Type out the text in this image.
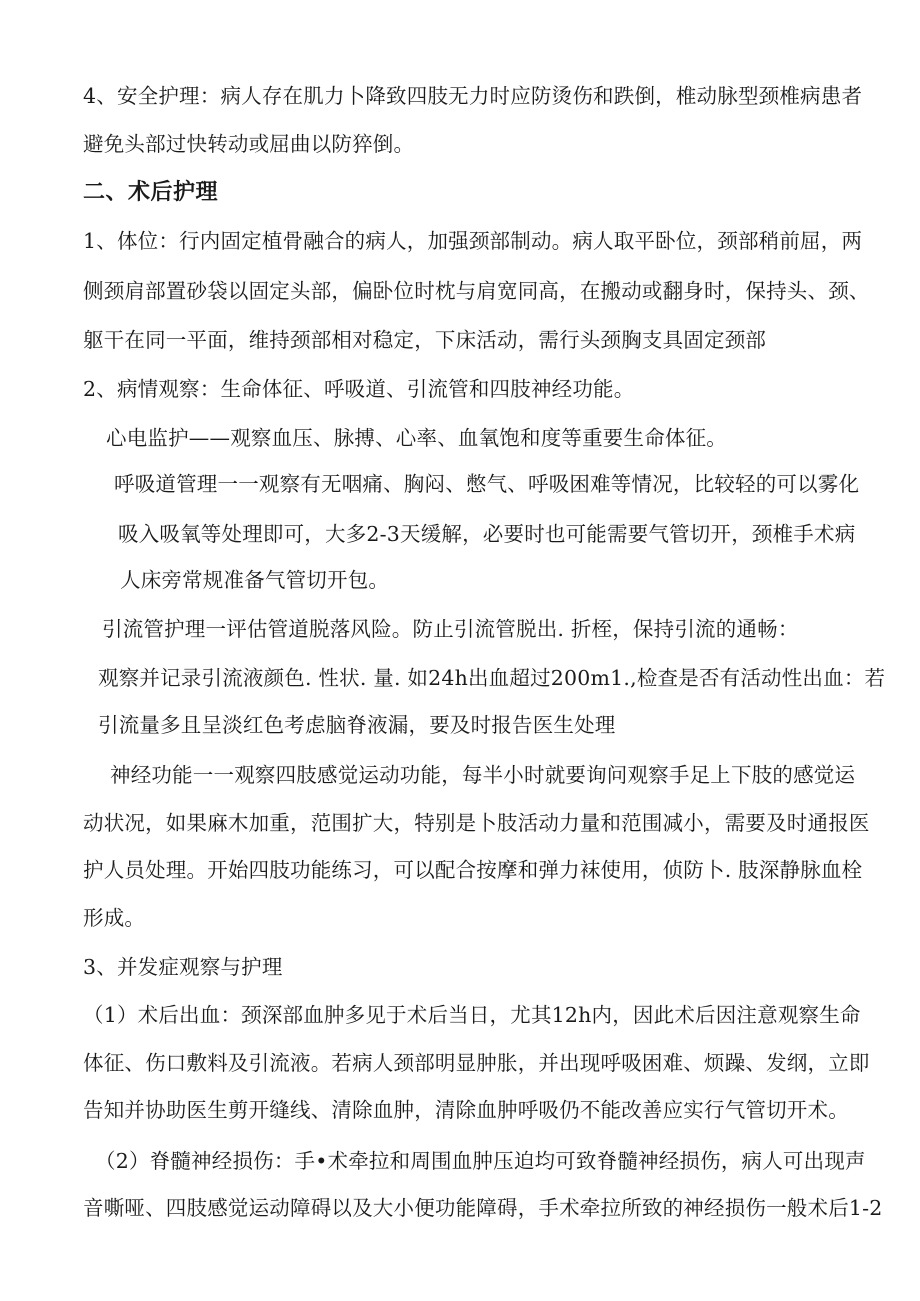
4、安全护理：病人存在肌力卜降致四肢无力时应防烫伤和跌倒，椎动脉型颈椎病患者
避免头部过快转动或屈曲以防猝倒。
二、术后护理
1、体位：行内固定植骨融合的病人，加强颈部制动。病人取平卧位，颈部稍前屈，两
侧颈肩部置砂袋以固定头部，偏卧位时枕与肩宽同高，在搬动或翻身时，保持头、颈、
躯干在同一平面，维持颈部相对稳定，下床活动，需行头颈胸支具固定颈部
2、病情观察：生命体征、呼吸道、引流管和四肢神经功能。
心电监护——观察血压、脉搏、心率、血氧饱和度等重要生命体征。
呼吸道管理一一观察有无咽痛、胸闷、憋气、呼吸困难等情况，比较轻的可以雾化
吸入吸氧等处理即可，大多2-3天缓解，必要时也可能需要气管切开，颈椎手术病
人床旁常规准备气管切开包。
引流管护理一评估管道脱落风险。防止引流管脱出. 折桎，保持引流的通畅：
观察并记录引流液颜色. 性状. 量. 如24h出血超过200m1.,检查是否有活动性出血：若
引流量多且呈淡红色考虑脑脊液漏，要及时报告医生处理
神经功能一一观察四肢感觉运动功能，每半小时就要询问观察手足上下肢的感觉运
动状况，如果麻木加重，范围扩大，特别是卜肢活动力量和范围减小，需要及时通报医
护人员处理。开始四肢功能练习，可以配合按摩和弹力袜使用，侦防卜. 肢深静脉血栓
形成。
3、并发症观察与护理
（1）术后出血：颈深部血肿多见于术后当日，尤其12h内，因此术后因注意观察生命
体征、伤口敷料及引流液。若病人颈部明显肿胀，并出现呼吸困难、烦躁、发纲，立即
告知并协助医生剪开缝线、清除血肿，清除血肿呼吸仍不能改善应实行气管切开术。
（2）脊髓神经损伤：手•术牵拉和周围血肿压迫均可致脊髓神经损伤，病人可出现声
音嘶哑、四肢感觉运动障碍以及大小便功能障碍，手术牵拉所致的神经损伤一般术后1-2
